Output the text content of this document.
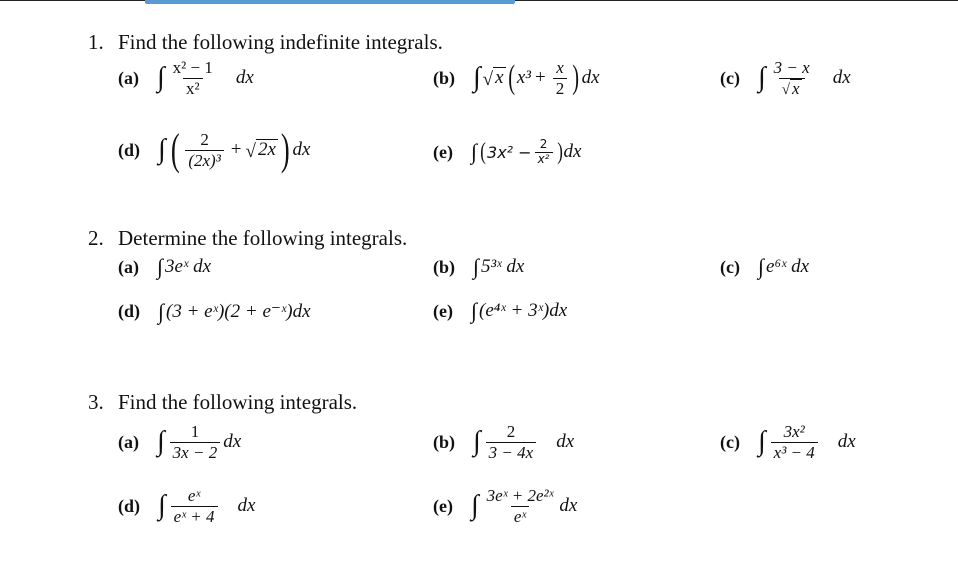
1. Find the following indefinite integrals.
(a) ∫ $\frac{\text{x² − 1}}{\text{x²}}$ dx	(b) ∫ √ x ( $x^3 + \frac{x}{2}$ ) dx	(c) ∫ $\frac{3 - x}{√ x}$ dx
(d) ∫ ( $\frac{2}{\text{(2x)³}}$ + √ 2x ) dx	(e) ∫ ( $3x^2 - \frac{2}{\text{x²}}$ ) dx
2. Determine the following integrals.
(a) ∫ 3eˣ dx	(b) ∫ 5³ˣ dx	(c) ∫ e⁶ˣ dx
(d) ∫ (3 + eˣ)(2 + e⁻ˣ)dx	(e) ∫ (e⁴ˣ + 3ˣ)dx
3. Find the following integrals.
(a) ∫ $\frac{1}{3x - 2}$ dx	(b) ∫ $\frac{2}{3 - 4x}$ dx	(c) ∫ $\frac{\text{3x²}}{\text{x³ − 4}}$ dx
(d) ∫ $\frac{\text{eˣ}}{\text{eˣ + 4}}$ dx	(e) ∫ $\frac{\text{3eˣ + 2e²ˣ}}{\text{eˣ}}$ dx
